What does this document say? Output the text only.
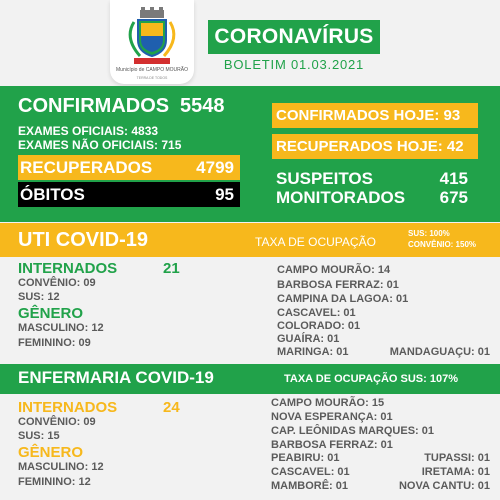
Município de CAMPO MOURÃO
TERRA DE TODOS
CORONAVÍRUS
BOLETIM 01.03.2021
CONFIRMADOS 5548
EXAMES OFICIAIS: 4833
EXAMES NÃO OFICIAIS: 715
RECUPERADOS	4799
ÓBITOS	95
CONFIRMADOS HOJE: 93
RECUPERADOS HOJE: 42
SUSPEITOS	415
MONITORADOS	675
UTI COVID-19	TAXA DE OCUPAÇÃO
SUS: 100%
CONVÊNIO: 150%
INTERNADOS	21
CONVÊNIO: 09
SUS: 12
GÊNERO
MASCULINO: 12
FEMININO: 09
CAMPO MOURÃO: 14
BARBOSA FERRAZ: 01
CAMPINA DA LAGOA: 01
CASCAVEL: 01
COLORADO: 01
GUAÍRA: 01
MARINGA: 01	MANDAGUAÇU: 01
ENFERMARIA COVID-19	TAXA DE OCUPAÇÃO SUS: 107%
INTERNADOS	24
CONVÊNIO: 09
SUS: 15
GÊNERO
MASCULINO: 12
FEMININO: 12
CAMPO MOURÃO: 15
NOVA ESPERANÇA: 01
CAP. LEÔNIDAS MARQUES: 01
BARBOSA FERRAZ: 01
PEABIRU: 01	TUPASSI: 01
CASCAVEL: 01	IRETAMA: 01
MAMBORÊ: 01	NOVA CANTU: 01
